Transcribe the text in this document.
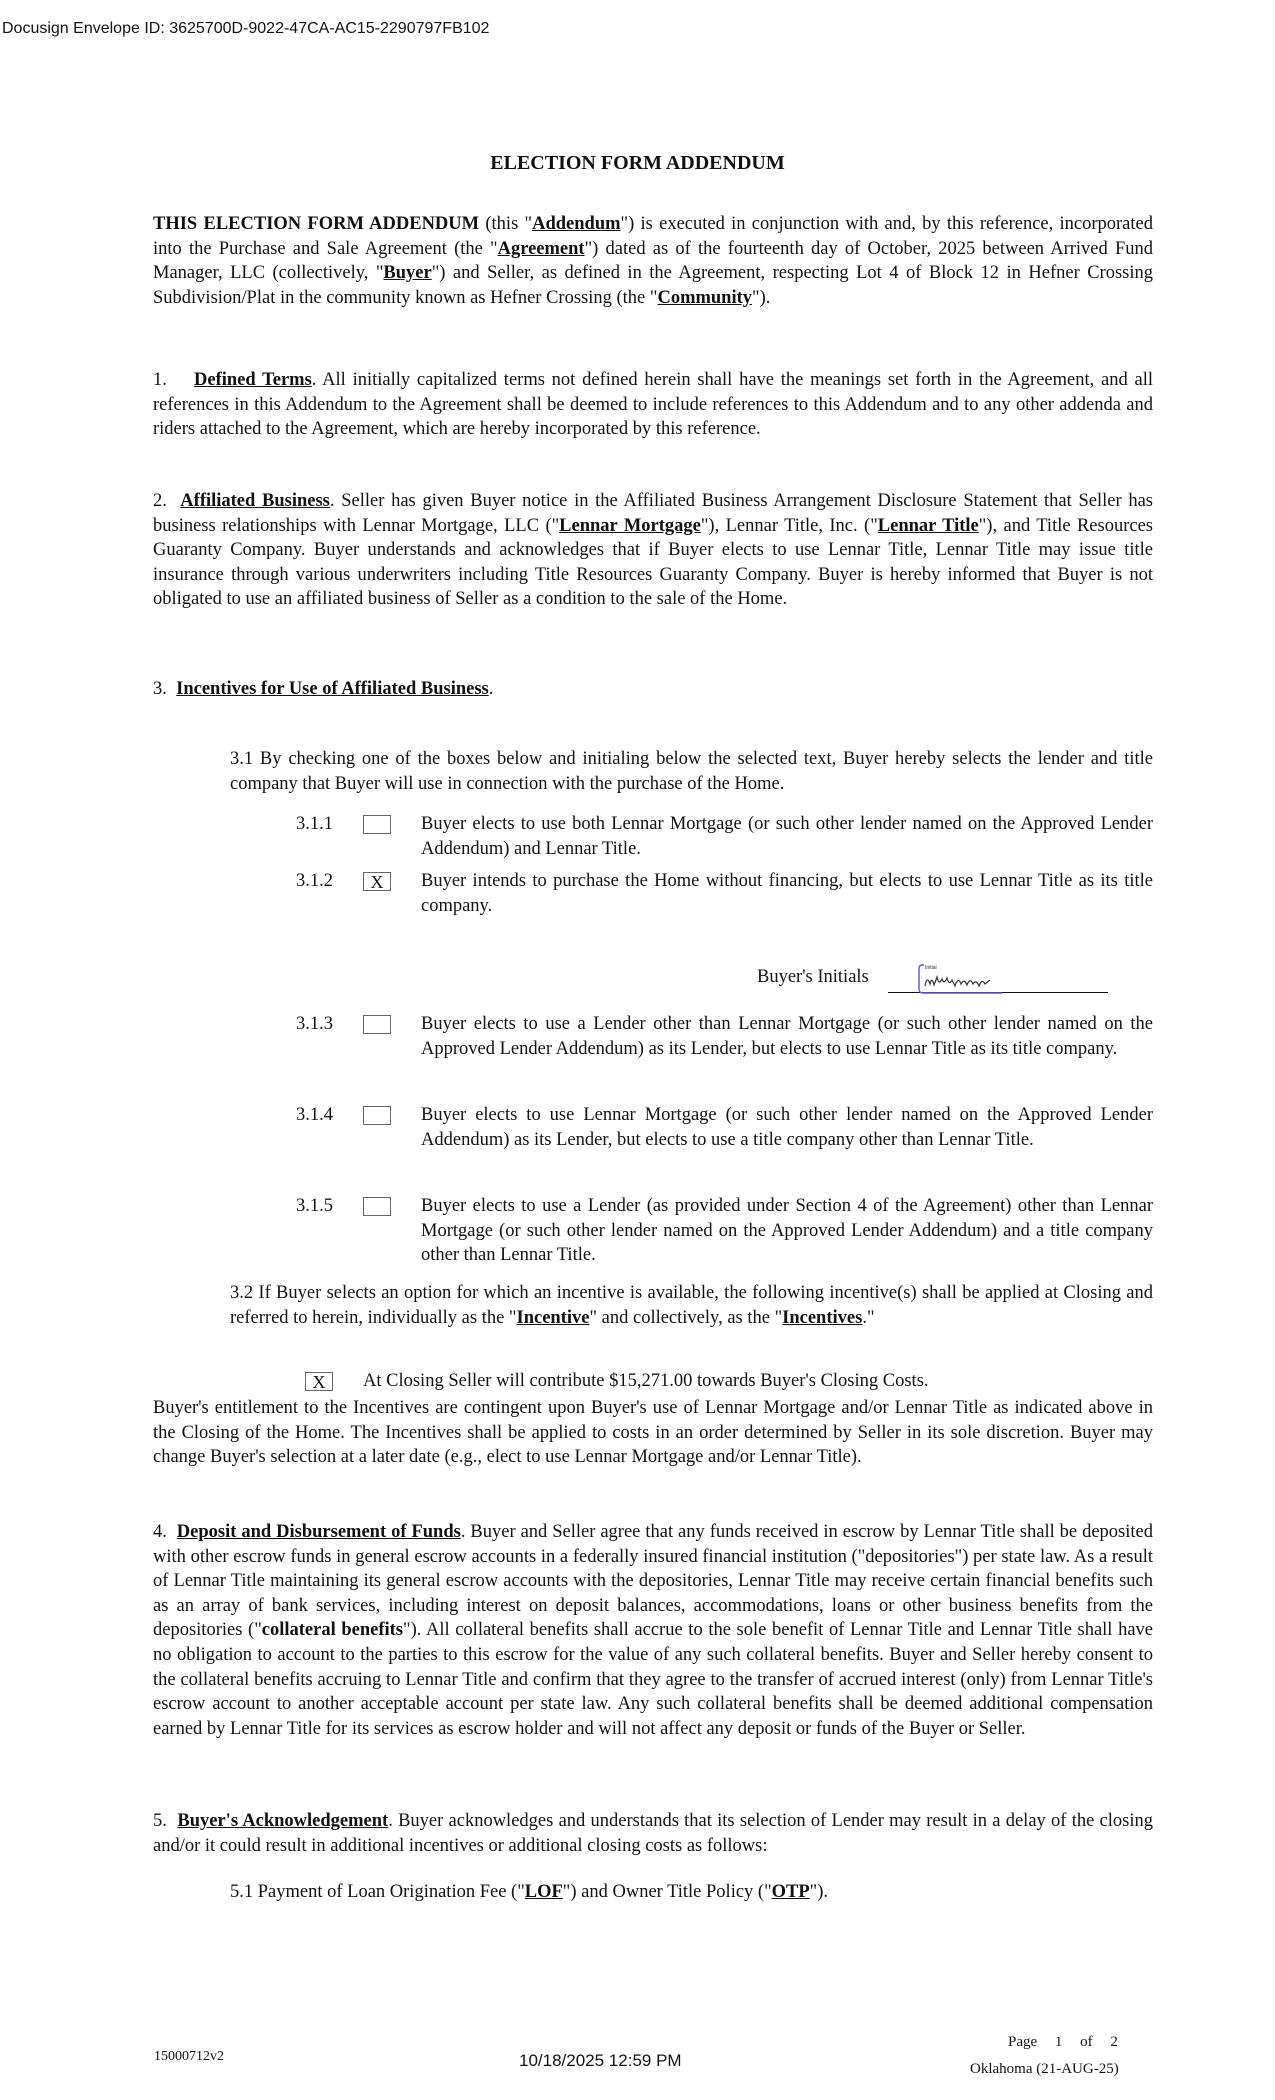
Docusign Envelope ID: 3625700D-9022-47CA-AC15-2290797FB102
ELECTION FORM ADDENDUM
THIS ELECTION FORM ADDENDUM (this "Addendum") is executed in conjunction with and, by this reference, incorporated into the Purchase and Sale Agreement (the "Agreement") dated as of the fourteenth day of October, 2025 between Arrived Fund Manager, LLC (collectively, "Buyer") and Seller, as defined in the Agreement, respecting Lot 4 of Block 12 in Hefner Crossing Subdivision/Plat in the community known as Hefner Crossing (the "Community").
1. Defined Terms. All initially capitalized terms not defined herein shall have the meanings set forth in the Agreement, and all references in this Addendum to the Agreement shall be deemed to include references to this Addendum and to any other addenda and riders attached to the Agreement, which are hereby incorporated by this reference.
2. Affiliated Business. Seller has given Buyer notice in the Affiliated Business Arrangement Disclosure Statement that Seller has business relationships with Lennar Mortgage, LLC ("Lennar Mortgage"), Lennar Title, Inc. ("Lennar Title"), and Title Resources Guaranty Company. Buyer understands and acknowledges that if Buyer elects to use Lennar Title, Lennar Title may issue title insurance through various underwriters including Title Resources Guaranty Company. Buyer is hereby informed that Buyer is not obligated to use an affiliated business of Seller as a condition to the sale of the Home.
3. Incentives for Use of Affiliated Business.
3.1 By checking one of the boxes below and initialing below the selected text, Buyer hereby selects the lender and title company that Buyer will use in connection with the purchase of the Home.
3.1.1	Buyer elects to use both Lennar Mortgage (or such other lender named on the Approved Lender Addendum) and Lennar Title.
3.1.2	X	Buyer intends to purchase the Home without financing, but elects to use Lennar Title as its title company.
Buyer's Initials	Initial
3.1.3	Buyer elects to use a Lender other than Lennar Mortgage (or such other lender named on the Approved Lender Addendum) as its Lender, but elects to use Lennar Title as its title company.
3.1.4	Buyer elects to use Lennar Mortgage (or such other lender named on the Approved Lender Addendum) as its Lender, but elects to use a title company other than Lennar Title.
3.1.5	Buyer elects to use a Lender (as provided under Section 4 of the Agreement) other than Lennar Mortgage (or such other lender named on the Approved Lender Addendum) and a title company other than Lennar Title.
3.2 If Buyer selects an option for which an incentive is available, the following incentive(s) shall be applied at Closing and referred to herein, individually as the "Incentive" and collectively, as the "Incentives."
X	At Closing Seller will contribute $15,271.00 towards Buyer's Closing Costs.
Buyer's entitlement to the Incentives are contingent upon Buyer's use of Lennar Mortgage and/or Lennar Title as indicated above in the Closing of the Home. The Incentives shall be applied to costs in an order determined by Seller in its sole discretion. Buyer may change Buyer's selection at a later date (e.g., elect to use Lennar Mortgage and/or Lennar Title).
4. Deposit and Disbursement of Funds. Buyer and Seller agree that any funds received in escrow by Lennar Title shall be deposited with other escrow funds in general escrow accounts in a federally insured financial institution ("depositories") per state law. As a result of Lennar Title maintaining its general escrow accounts with the depositories, Lennar Title may receive certain financial benefits such as an array of bank services, including interest on deposit balances, accommodations, loans or other business benefits from the depositories ("collateral benefits"). All collateral benefits shall accrue to the sole benefit of Lennar Title and Lennar Title shall have no obligation to account to the parties to this escrow for the value of any such collateral benefits. Buyer and Seller hereby consent to the collateral benefits accruing to Lennar Title and confirm that they agree to the transfer of accrued interest (only) from Lennar Title's escrow account to another acceptable account per state law. Any such collateral benefits shall be deemed additional compensation earned by Lennar Title for its services as escrow holder and will not affect any deposit or funds of the Buyer or Seller.
5. Buyer's Acknowledgement. Buyer acknowledges and understands that its selection of Lender may result in a delay of the closing and/or it could result in additional incentives or additional closing costs as follows:
5.1 Payment of Loan Origination Fee ("LOF") and Owner Title Policy ("OTP").
15000712v2	10/18/2025 12:59 PM
Page 1 of 2
Oklahoma (21-AUG-25)
